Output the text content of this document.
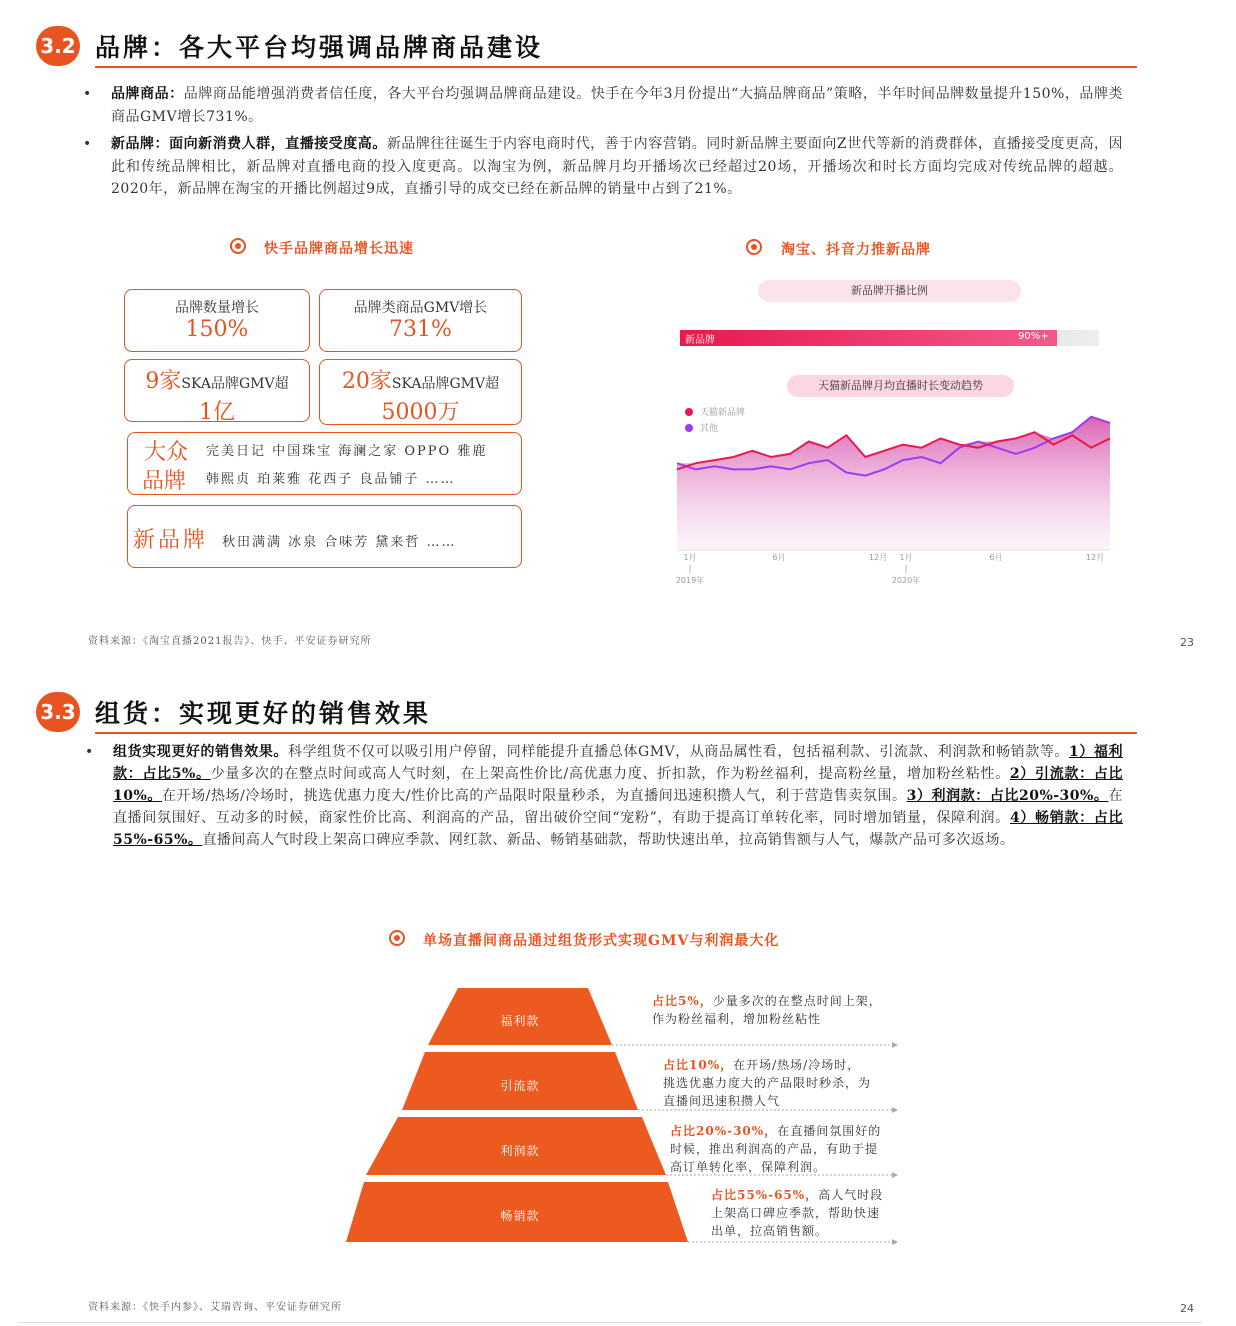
3.2 品牌：各大平台均强调品牌商品建设
• 品牌商品：品牌商品能增强消费者信任度，各大平台均强调品牌商品建设。快手在今年3月份提出“大搞品牌商品”策略，半年时间品牌数量提升150%，品牌类商品GMV增长731%。
• 新品牌：面向新消费人群，直播接受度高。新品牌往往诞生于内容电商时代，善于内容营销。同时新品牌主要面向Z世代等新的消费群体，直播接受度更高，因此和传统品牌相比，新品牌对直播电商的投入度更高。以淘宝为例，新品牌月均开播场次已经超过20场，开播场次和时长方面均完成对传统品牌的超越。2020年，新品牌在淘宝的开播比例超过9成，直播引导的成交已经在新品牌的销量中占到了21%。
快手品牌商品增长迅速	淘宝、抖音力推新品牌
品牌数量增长
150%
品牌类商品GMV增长
731%
9家SKA品牌GMV超
1亿
20家SKA品牌GMV超
5000万
大众
品牌
完美日记 中国珠宝 海澜之家 OPPO 雅鹿
韩熙贞 珀莱雅 花西子 良品铺子 ……
新品牌 秋田满满 冰泉 合味芳 黛来哲 ……
新品牌开播比例
新品牌	90%+
天猫新品牌月均直播时长变动趋势
天猫新品牌
其他
1月	6月	12月 1月	6月	12月
2019年	2020年
资料来源：《淘宝直播2021报告》、快手、平安证券研究所	23
3.3 组货：实现更好的销售效果
• 组货实现更好的销售效果。科学组货不仅可以吸引用户停留，同样能提升直播总体GMV，从商品属性看，包括福利款、引流款、利润款和畅销款等。1）福利款：占比5%。少量多次的在整点时间或高人气时刻，在上架高性价比/高优惠力度、折扣款，作为粉丝福利，提高粉丝量，增加粉丝粘性。2）引流款：占比10%。在开场/热场/冷场时，挑选优惠力度大/性价比高的产品限时限量秒杀，为直播间迅速积攒人气，利于营造售卖氛围。3）利润款：占比20%-30%。在直播间氛围好、互动多的时候，商家性价比高、利润高的产品，留出破价空间“宠粉”，有助于提高订单转化率，同时增加销量，保障利润。4）畅销款：占比55%-65%。直播间高人气时段上架高口碑应季款、网红款、新品、畅销基础款，帮助快速出单，拉高销售额与人气，爆款产品可多次返场。
单场直播间商品通过组货形式实现GMV与利润最大化
福利款
引流款
利润款
畅销款
占比5%，少量多次的在整点时间上架，作为粉丝福利，增加粉丝粘性
占比10%，在开场/热场/冷场时，挑选优惠力度大的产品限时秒杀，为直播间迅速积攒人气
占比20%-30%，在直播间氛围好的时候，推出利润高的产品，有助于提高订单转化率，保障利润。
占比55%-65%，高人气时段上架高口碑应季款，帮助快速出单，拉高销售额。
资料来源：《快手内参》、艾瑞咨询、平安证券研究所	24
